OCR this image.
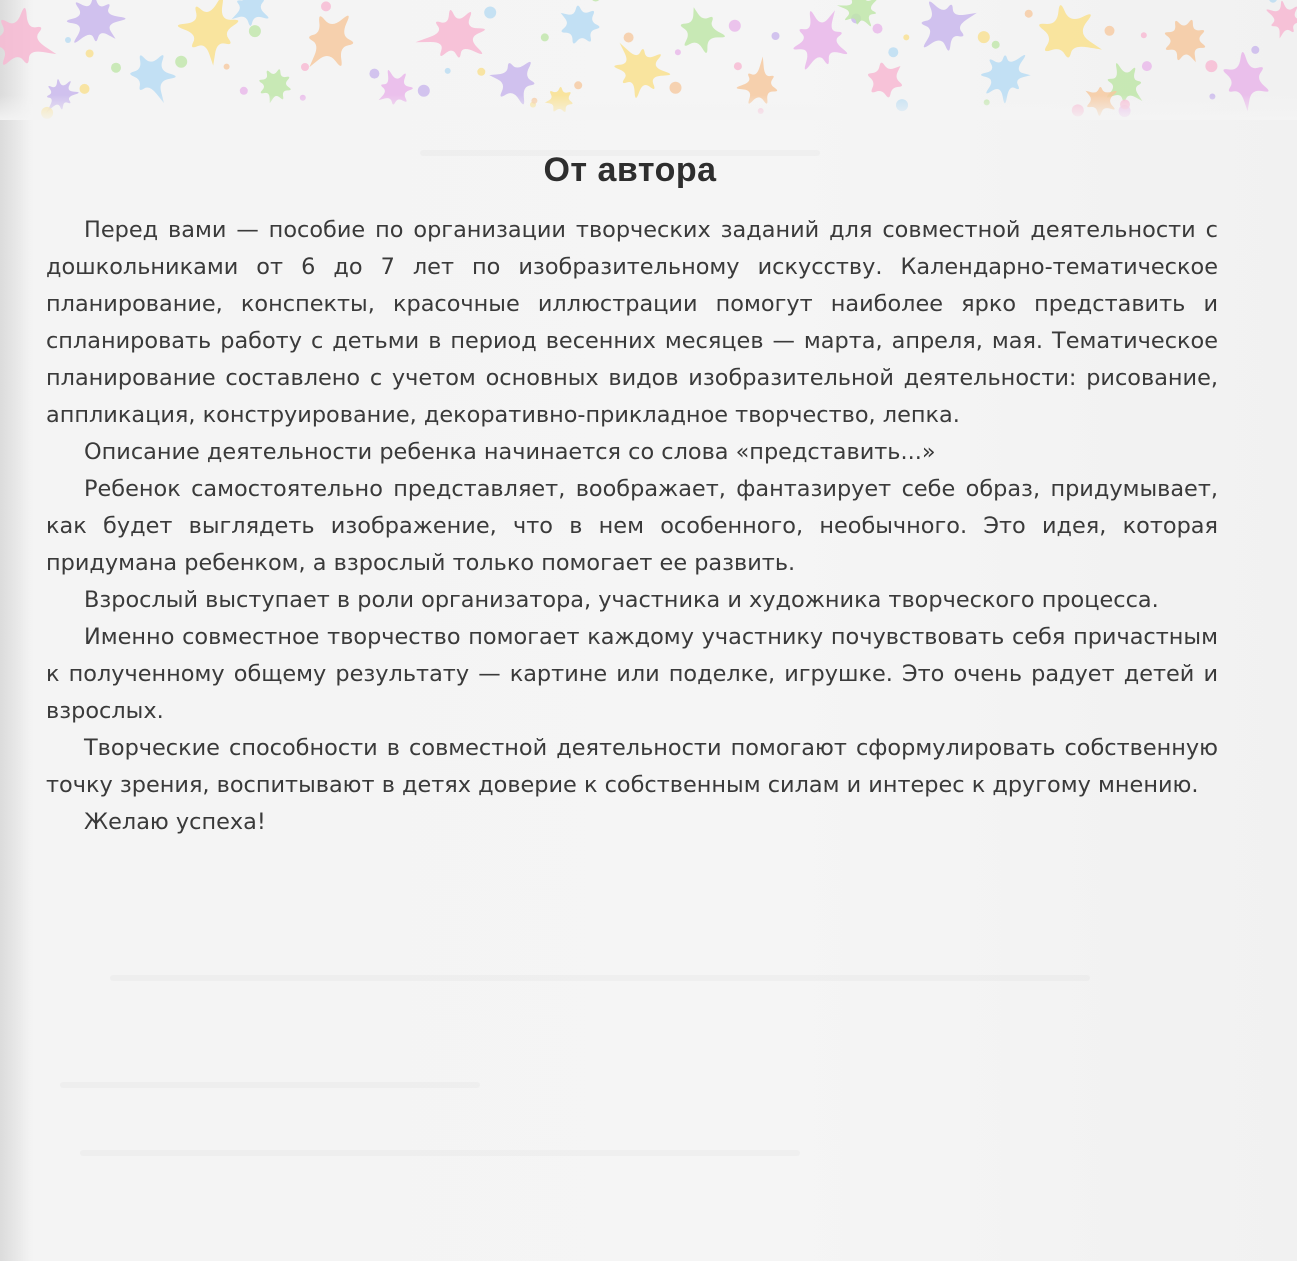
От автора

Перед вами — пособие по организации творческих заданий для совместной деятельности с дошкольниками от 6 до 7 лет по изобразительному искусству. Календарно-тематическое планирование, конспекты, красочные иллюстрации помогут наиболее ярко представить и спланировать работу с детьми в период весенних месяцев — марта, апреля, мая. Тематическое планирование составлено с учетом основных видов изобразительной деятельности: рисование, аппликация, конструирование, декоративно-прикладное творчество, лепка.

Описание деятельности ребенка начинается со слова «представить...»

Ребенок самостоятельно представляет, воображает, фантазирует себе образ, придумывает, как будет выглядеть изображение, что в нем особенного, необычного. Это идея, которая придумана ребенком, а взрослый только помогает ее развить.

Взрослый выступает в роли организатора, участника и художника творческого процесса.

Именно совместное творчество помогает каждому участнику почувствовать себя причастным к полученному общему результату — картине или поделке, игрушке. Это очень радует детей и взрослых.

Творческие способности в совместной деятельности помогают сформулировать собственную точку зрения, воспитывают в детях доверие к собственным силам и интерес к другому мнению.

Желаю успеха!
